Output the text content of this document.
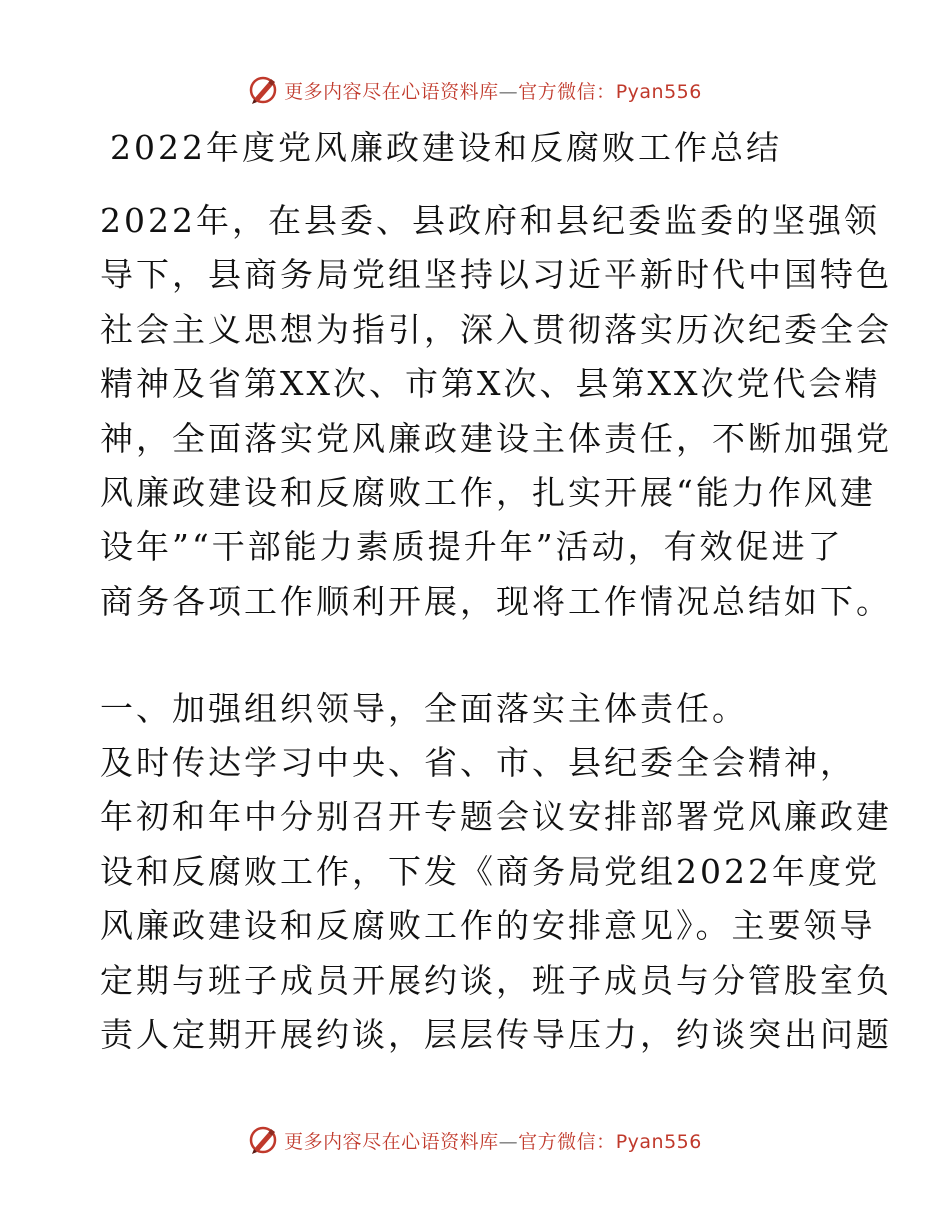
更多内容尽在心语资料库—官方微信：Pyan556
2022年度党风廉政建设和反腐败工作总结
2022年，在县委、县政府和县纪委监委的坚强领
导下，县商务局党组坚持以习近平新时代中国特色
社会主义思想为指引，深入贯彻落实历次纪委全会
精神及省第XX次、市第X次、县第XX次党代会精
神，全面落实党风廉政建设主体责任，不断加强党
风廉政建设和反腐败工作，扎实开展“能力作风建
设年”“干部能力素质提升年”活动，有效促进了
商务各项工作顺利开展，现将工作情况总结如下。
一、加强组织领导，全面落实主体责任。
及时传达学习中央、省、市、县纪委全会精神，
年初和年中分别召开专题会议安排部署党风廉政建
设和反腐败工作，下发《商务局党组2022年度党
风廉政建设和反腐败工作的安排意见》。主要领导
定期与班子成员开展约谈，班子成员与分管股室负
责人定期开展约谈，层层传导压力，约谈突出问题
更多内容尽在心语资料库—官方微信：Pyan556
